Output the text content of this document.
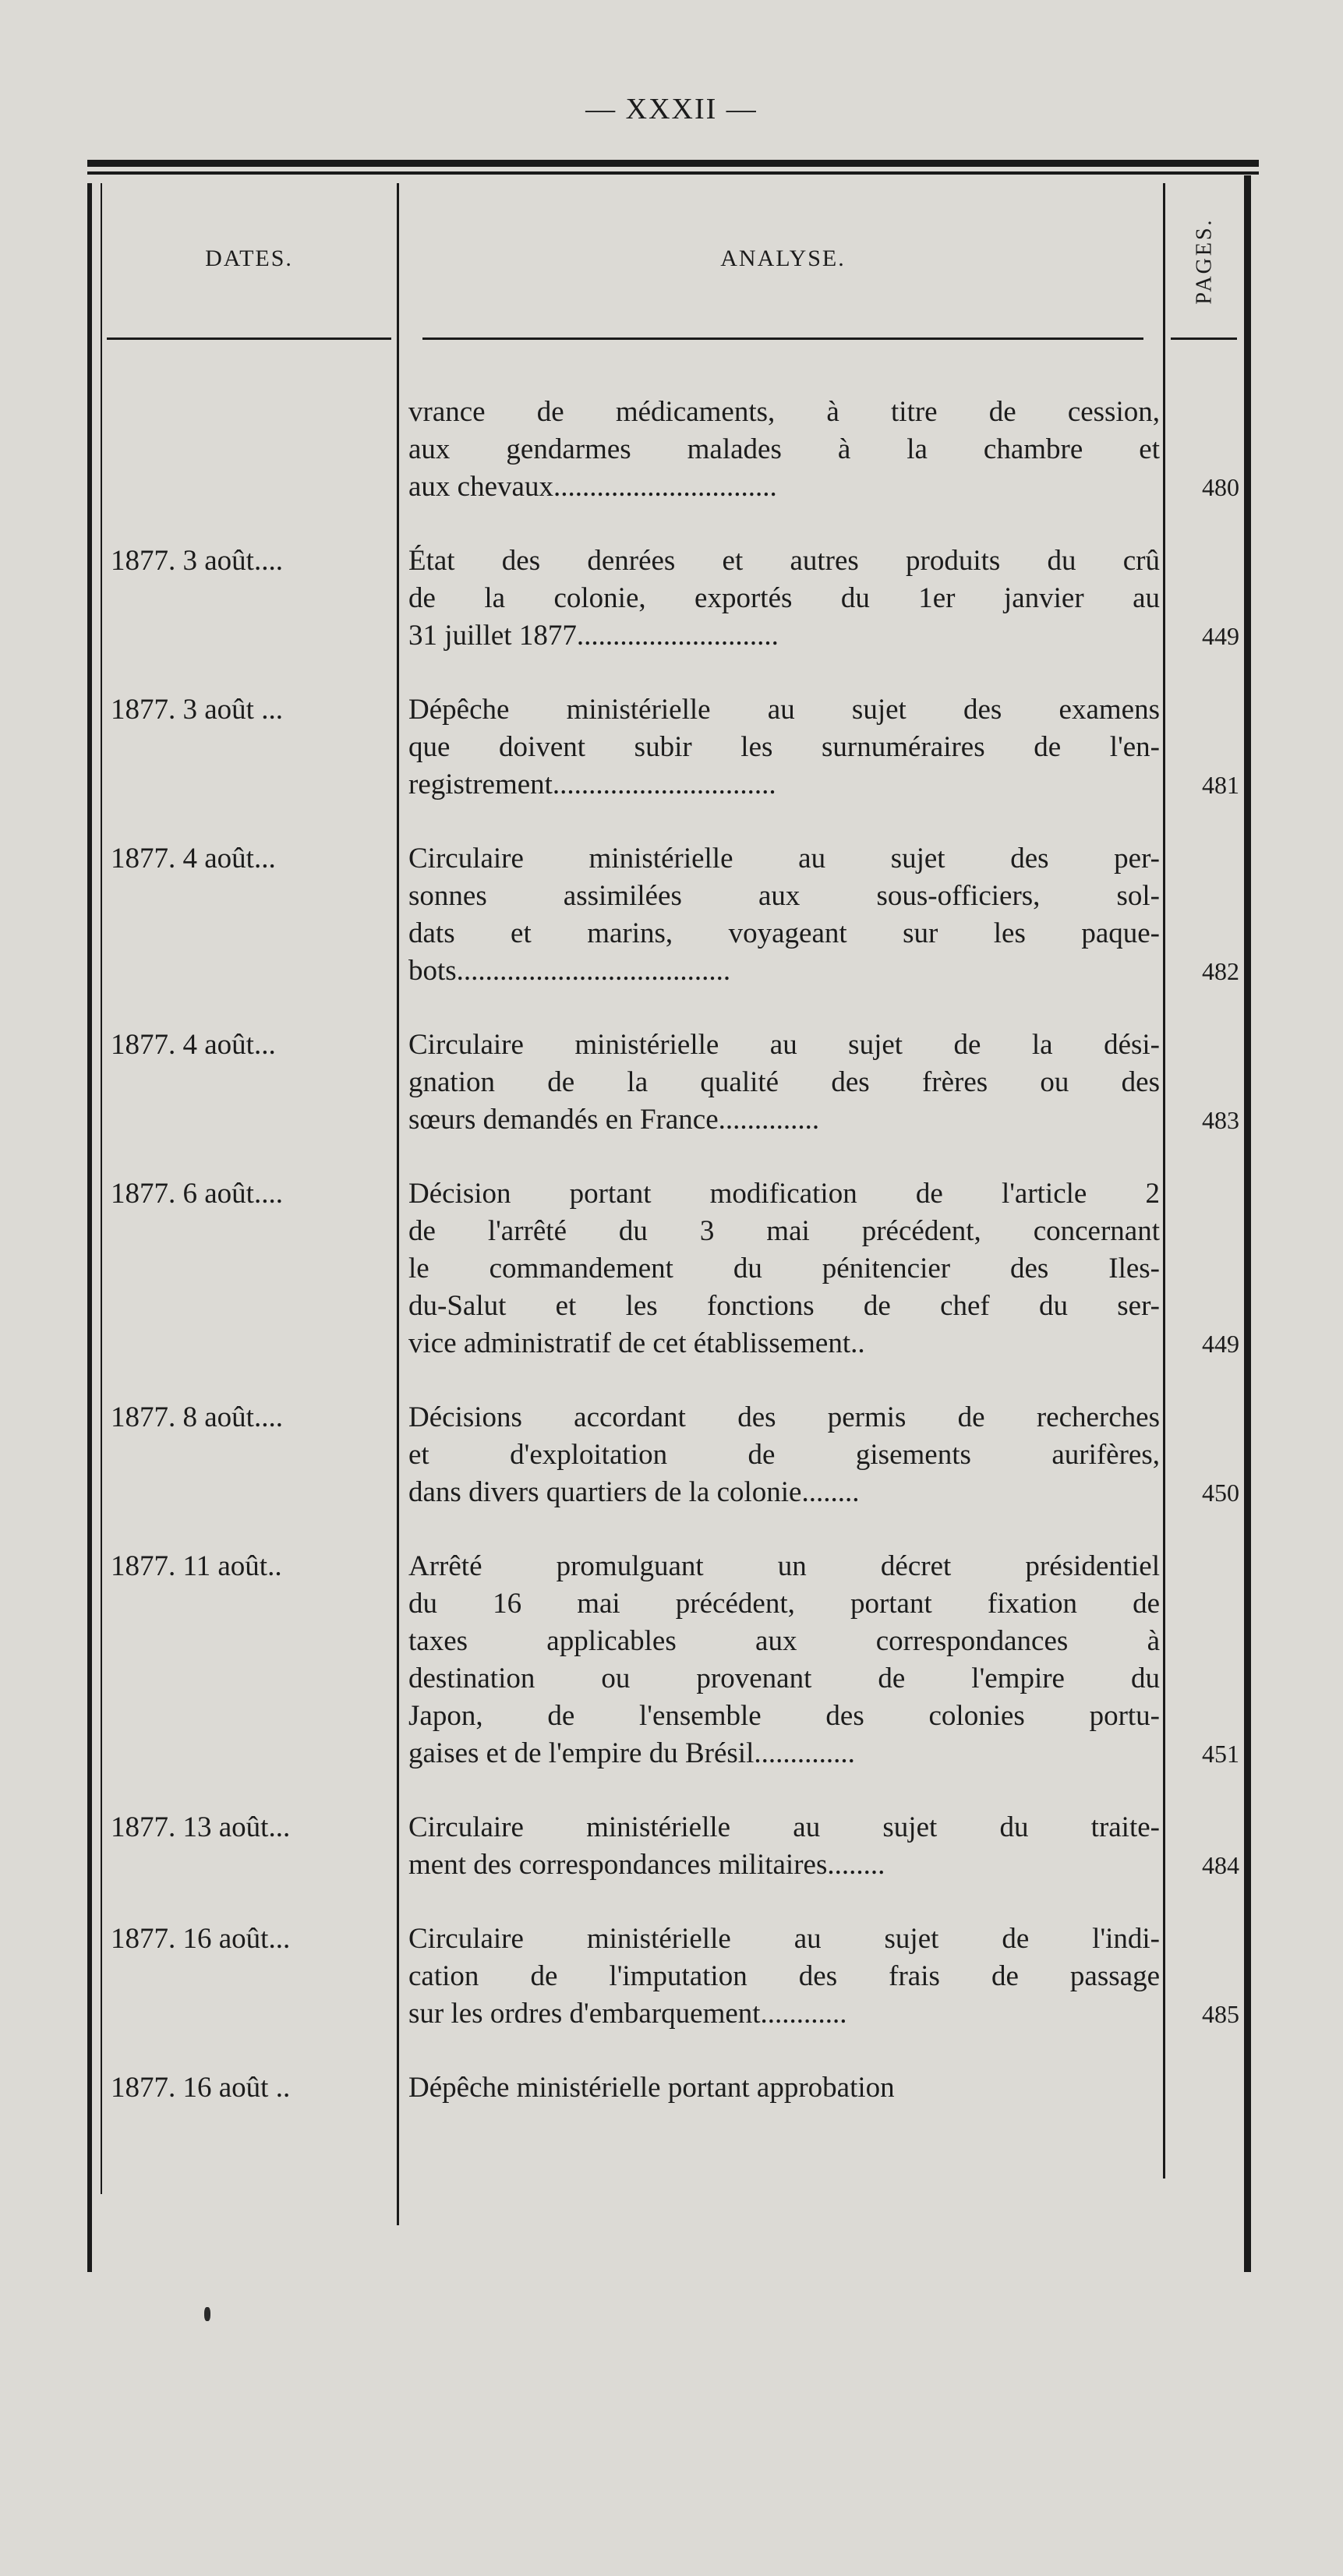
— XXXII —
DATES.	ANALYSE.	PAGES.
vrance de médicaments, à titre de cession,
aux gendarmes malades à la chambre et
aux chevaux...............................	480
1877. 3 août....	État des denrées et autres produits du crû
de la colonie, exportés du 1er janvier au
31 juillet 1877............................	449
1877. 3 août ...	Dépêche ministérielle au sujet des examens
que doivent subir les surnuméraires de l'en-
registrement...............................	481
1877. 4 août...	Circulaire ministérielle au sujet des per-
sonnes assimilées aux sous-officiers, sol-
dats et marins, voyageant sur les paque-
bots......................................	482
1877. 4 août...	Circulaire ministérielle au sujet de la dési-
gnation de la qualité des frères ou des
sœurs demandés en France..............	483
1877. 6 août....	Décision portant modification de l'article 2
de l'arrêté du 3 mai précédent, concernant
le commandement du pénitencier des Iles-
du-Salut et les fonctions de chef du ser-
vice administratif de cet établissement..	449
1877. 8 août....	Décisions accordant des permis de recherches
et d'exploitation de gisements aurifères,
dans divers quartiers de la colonie........	450
1877. 11 août..	Arrêté promulguant un décret présidentiel
du 16 mai précédent, portant fixation de
taxes applicables aux correspondances à
destination ou provenant de l'empire du
Japon, de l'ensemble des colonies portu-
gaises et de l'empire du Brésil..............	451
1877. 13 août...	Circulaire ministérielle au sujet du traite-
ment des correspondances militaires........	484
1877. 16 août...	Circulaire ministérielle au sujet de l'indi-
cation de l'imputation des frais de passage
sur les ordres d'embarquement............	485
1877. 16 août ..	Dépêche ministérielle portant approbation
